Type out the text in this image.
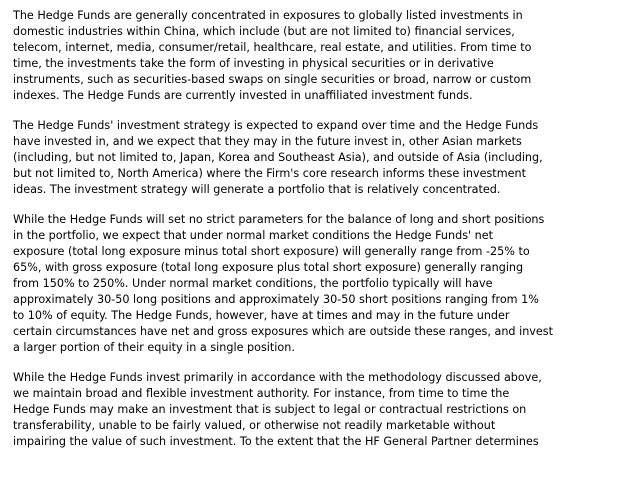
The Hedge Funds are generally concentrated in exposures to globally listed investments in
domestic industries within China, which include (but are not limited to) financial services,
telecom, internet, media, consumer/retail, healthcare, real estate, and utilities. From time to
time, the investments take the form of investing in physical securities or in derivative
instruments, such as securities-based swaps on single securities or broad, narrow or custom
indexes. The Hedge Funds are currently invested in unaffiliated investment funds.

The Hedge Funds' investment strategy is expected to expand over time and the Hedge Funds
have invested in, and we expect that they may in the future invest in, other Asian markets
(including, but not limited to, Japan, Korea and Southeast Asia), and outside of Asia (including,
but not limited to, North America) where the Firm's core research informs these investment
ideas. The investment strategy will generate a portfolio that is relatively concentrated.

While the Hedge Funds will set no strict parameters for the balance of long and short positions
in the portfolio, we expect that under normal market conditions the Hedge Funds' net
exposure (total long exposure minus total short exposure) will generally range from -25% to
65%, with gross exposure (total long exposure plus total short exposure) generally ranging
from 150% to 250%. Under normal market conditions, the portfolio typically will have
approximately 30-50 long positions and approximately 30-50 short positions ranging from 1%
to 10% of equity. The Hedge Funds, however, have at times and may in the future under
certain circumstances have net and gross exposures which are outside these ranges, and invest
a larger portion of their equity in a single position.

While the Hedge Funds invest primarily in accordance with the methodology discussed above,
we maintain broad and flexible investment authority. For instance, from time to time the
Hedge Funds may make an investment that is subject to legal or contractual restrictions on
transferability, unable to be fairly valued, or otherwise not readily marketable without
impairing the value of such investment. To the extent that the HF General Partner determines
